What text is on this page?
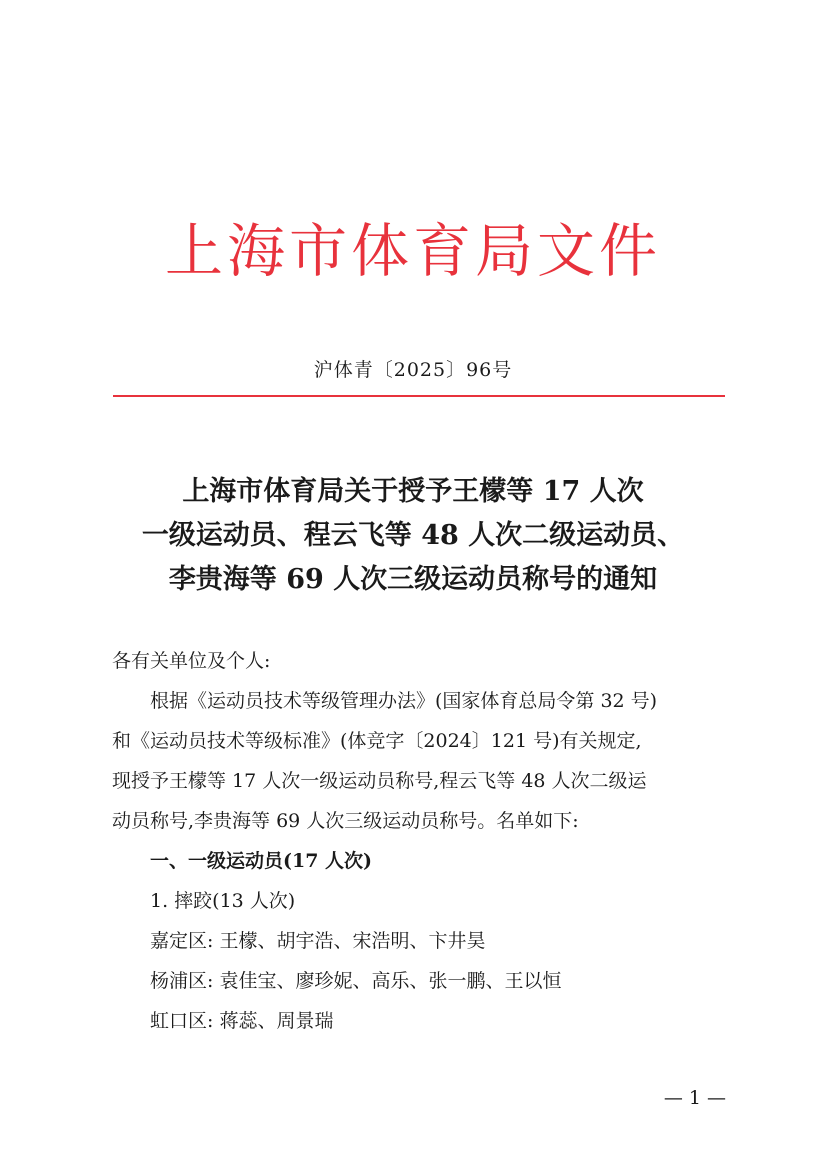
上海市体育局文件
沪体青〔2025〕96号
上海市体育局关于授予王檬等 17 人次
一级运动员、程云飞等 48 人次二级运动员、
李贵海等 69 人次三级运动员称号的通知
各有关单位及个人:
根据《运动员技术等级管理办法》(国家体育总局令第 32 号)
和《运动员技术等级标准》(体竞字〔2024〕121 号)有关规定,
现授予王檬等 17 人次一级运动员称号,程云飞等 48 人次二级运
动员称号,李贵海等 69 人次三级运动员称号。名单如下:
一、一级运动员(17 人次)
1. 摔跤(13 人次)
嘉定区: 王檬、胡宇浩、宋浩明、卞井昊
杨浦区: 袁佳宝、廖珍妮、高乐、张一鹏、王以恒
虹口区: 蒋蕊、周景瑞
— 1 —
